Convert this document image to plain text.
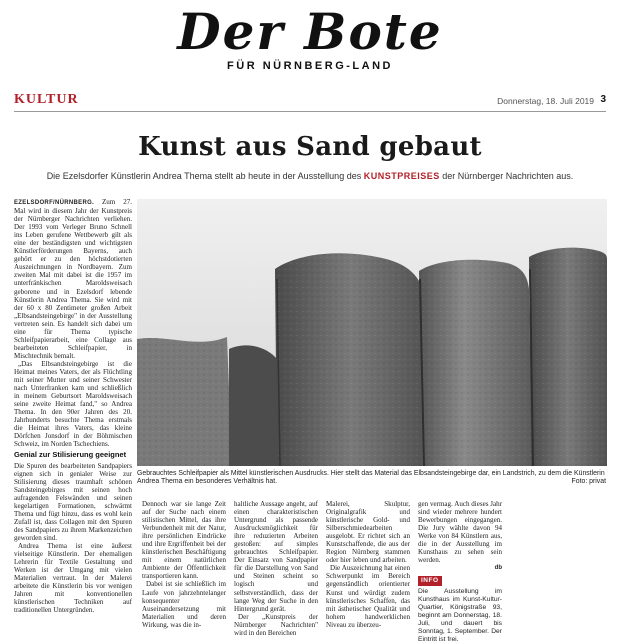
Der Bote
FÜR NÜRNBERG-LAND
KULTUR	Donnerstag, 18. Juli 2019 3
Kunst aus Sand gebaut
Die Ezelsdorfer Künstlerin Andrea Thema stellt ab heute in der Ausstellung des KUNSTPREISES der Nürnberger Nachrichten aus.

EZELSDORF/NÜRNBERG. Zum 27. Mal wird in diesem Jahr der Kunstpreis der Nürnberger Nachrichten verliehen. Der 1993 vom Verleger Bruno Schnell ins Leben gerufene Wettbewerb gilt als eine der beständigsten und wichtigsten Künstlerförderungen Bayerns, auch gehört er zu den höchstdotierten Auszeichnungen in Nordbayern. Zum zweiten Mal mit dabei ist die 1957 im unterfränkischen Maroldsweisach geborene und in Ezelsdorf lebende Künstlerin Andrea Thema. Sie wird mit der 60 x 80 Zentimeter großen Arbeit „Elbsandsteingebirge" in der Ausstellung vertreten sein. Es handelt sich dabei um eine für Thema typische Schleifpapierarbeit, eine Collage aus bearbeiteten Schleifpapier, in Mischtechnik bemalt.

„Das Elbsandsteingebirge ist die Heimat meines Vaters, der als Flüchtling mit seiner Mutter und seiner Schwester nach Unterfranken kam und schließlich in meinem Geburtsort Maroldsweisach seine zweite Heimat fand," so Andrea Thema. In den 90er Jahren des 20. Jahrhunderts besuchte Thema erstmals die Heimat ihres Vaters, das kleine Dörfchen Jonsdorf in der Böhmischen Schweiz, im Norden Tschechiens.

Genial zur Stilisierung geeignet

Die Spuren des bearbeiteten Sandpapiers eignen sich in genialer Weise zur Stilisierung dieses traumhaft schönen Sandsteingebirges mit seinen hoch aufragenden Felswänden und seinen kegelartigen Formationen, schwärmt Thema und fügt hinzu, dass es wohl kein Zufall ist, dass Collagen mit den Spuren des Sandpapiers zu ihrem Markenzeichen geworden sind.

Andrea Thema ist eine äußerst vielseitige Künstlerin. Der ehemaligen Lehrerin für Textile Gestaltung und Werken ist der Umgang mit vielen Materialien vertraut. In der Malerei arbeitete die Künstlerin bis vor wenigen Jahren mit konventionellen künstlerischen Techniken auf traditionellen Untergründen.

Gebrauchtes Schleifpapier als Mittel künstlerischen Ausdrucks. Hier stellt das Material das Elbsandsteingebirge dar, ein Landstrich, zu dem die Künstlerin Andrea Thema ein besonderes Verhältnis hat.	Foto: privat

Dennoch war sie lange Zeit auf der Suche nach einem stilistischen Mittel, das ihre Verbundenheit mit der Natur, ihre persönlichen Eindrücke und ihre Ergriffenheit bei der künstlerischen Beschäftigung mit einem natürlichen Ambiente der Öffentlichkeit transportieren kann.

Dabei ist sie schließlich im Laufe von jahrzehntelanger konsequenter Auseinandersetzung mit Materialien und deren Wirkung, was die in-

haltliche Aussage angeht, auf einen charakteristischen Untergrund als passende Ausdrucksmöglichkeit für ihre reduzierten Arbeiten gestoßen: auf simples gebrauchtes Schleifpapier. Der Einsatz von Sandpapier für die Darstellung von Sand und Steinen scheint so logisch und selbstverständlich, dass der lange Weg der Suche in den Hintergrund gerät.

Der „Kunstpreis der Nürnberger Nachrichten" wird in den Bereichen

Malerei, Skulptur, Originalgrafik und künstlerische Gold- und Silberschmiedearbeiten ausgelobt. Er richtet sich an Kunstschaffende, die aus der Region Nürnberg stammen oder hier leben und arbeiten.

Die Auszeichnung hat einen Schwerpunkt im Bereich gegenständlich orientierter Kunst und würdigt zudem künstlerisches Schaffen, das mit ästhetischer Qualität und hohem handwerklichen Niveau zu überzeu-

gen vermag. Auch dieses Jahr sind wieder mehrere hundert Bewerbungen eingegangen. Die Jury wählte davon 94 Werke von 84 Künstlern aus, die in der Ausstellung im Kunsthaus zu sehen sein werden.

db
INFO
Die Ausstellung im Kunsthaus im Kunst-Kultur-Quartier, Königstraße 93, beginnt am Donnerstag, 18. Juli, und dauert bis Sonntag, 1. September. Der Eintritt ist frei.
